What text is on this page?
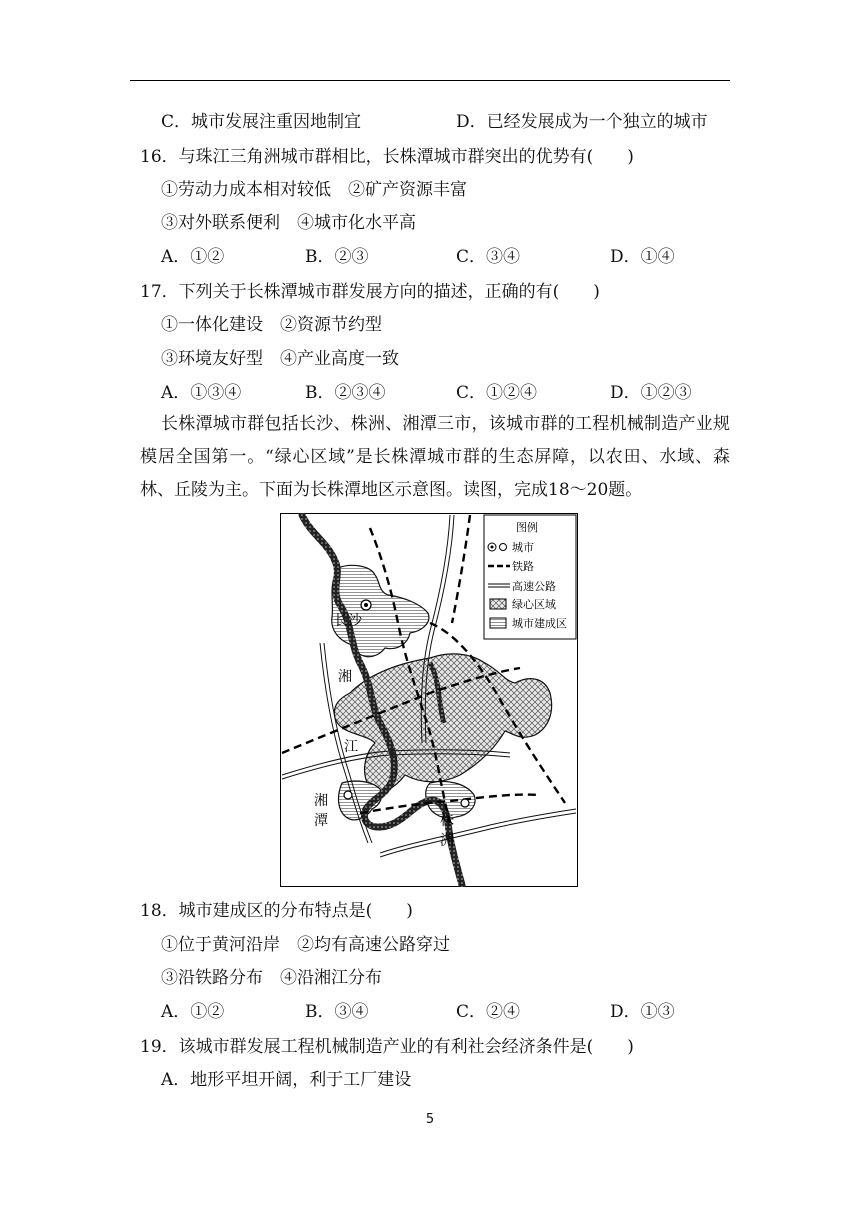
C．城市发展注重因地制宜	D．已经发展成为一个独立的城市
16．与珠江三角洲城市群相比，长株潭城市群突出的优势有(　　)
①劳动力成本相对较低　②矿产资源丰富
③对外联系便利　④城市化水平高
A．①②	B．②③	C．③④	D．①④
17．下列关于长株潭城市群发展方向的描述，正确的有(　　)
①一体化建设　②资源节约型
③环境友好型　④产业高度一致
A．①③④	B．②③④	C．①②④	D．①②③
长株潭城市群包括长沙、株洲、湘潭三市，该城市群的工程机械制造产业规模居全国第一。“绿心区域”是长株潭城市群的生态屏障，以农田、水域、森林、丘陵为主。下面为长株潭地区示意图。读图，完成18～20题。
长沙
湘
江
湘
潭	株
洲
图例
城市
铁路
高速公路
绿心区域
城市建成区
18．城市建成区的分布特点是(　　)
①位于黄河沿岸　②均有高速公路穿过
③沿铁路分布　④沿湘江分布
A．①②	B．③④	C．②④	D．①③
19．该城市群发展工程机械制造产业的有利社会经济条件是(　　)
A．地形平坦开阔，利于工厂建设
5
